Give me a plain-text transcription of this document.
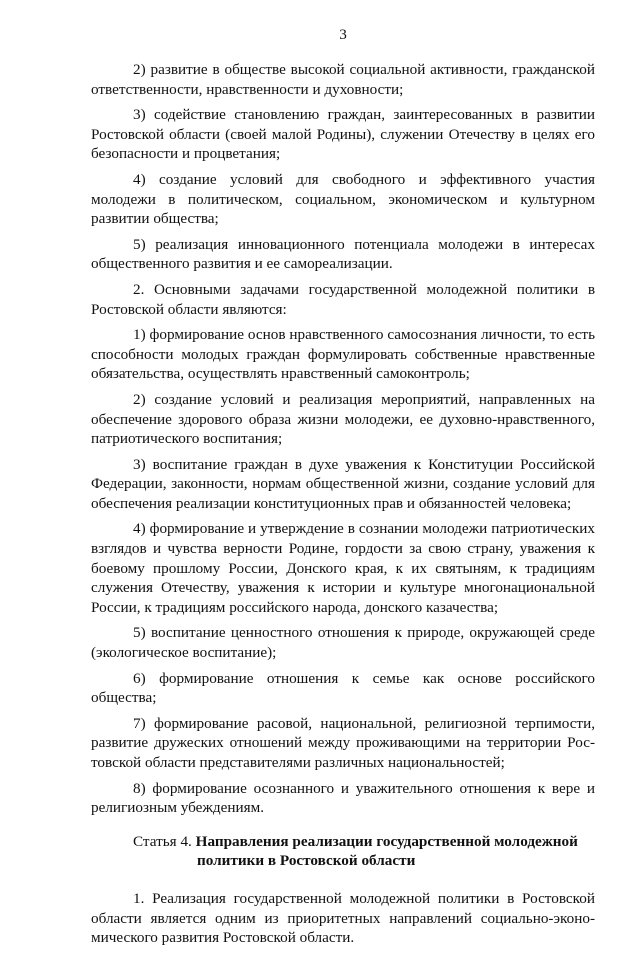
3

2) развитие в обществе высокой социальной активности, гражданской ответственности, нравственности и духовности;

3) содействие становлению граждан, заинтересованных в развитии Ростовской области (своей малой Родины), служении Отечеству в целях его безопасности и процветания;

4) создание условий для свободного и эффективного участия молодежи в политическом, социальном, экономическом и культурном развитии общества;

5) реализация инновационного потенциала молодежи в интересах общественного развития и ее самореализации.

2. Основными задачами государственной молодежной политики в Ростовской области являются:

1) формирование основ нравственного самосознания личности, то есть способности молодых граждан формулировать собственные нравственные обязательства, осуществлять нравственный самоконтроль;

2) создание условий и реализация мероприятий, направленных на обеспечение здорового образа жизни молодежи, ее духовно-нравственного, патриотического воспитания;

3) воспитание граждан в духе уважения к Конституции Российской Федерации, законности, нормам общественной жизни, создание условий для обеспечения реализации конституционных прав и обязанностей человека;

4) формирование и утверждение в сознании молодежи патриотических взглядов и чувства верности Родине, гордости за свою страну, уважения к боевому прошлому России, Донского края, к их святыням, к традициям служения Отечеству, уважения к истории и культуре многонациональной России, к традициям российского народа, донского казачества;

5) воспитание ценностного отношения к природе, окружающей среде (экологическое воспитание);

6) формирование отношения к семье как основе российского общества;

7) формирование расовой, национальной, религиозной терпимости, развитие дружеских отношений между проживающими на территории Ростовской области представителями различных национальностей;

8) формирование осознанного и уважительного отношения к вере и религиозным убеждениям.

Статья 4. Направления реализации государственной молодежной
политики в Ростовской области

1. Реализация государственной молодежной политики в Ростовской области является одним из приоритетных направлений социально-экономического развития Ростовской области.
